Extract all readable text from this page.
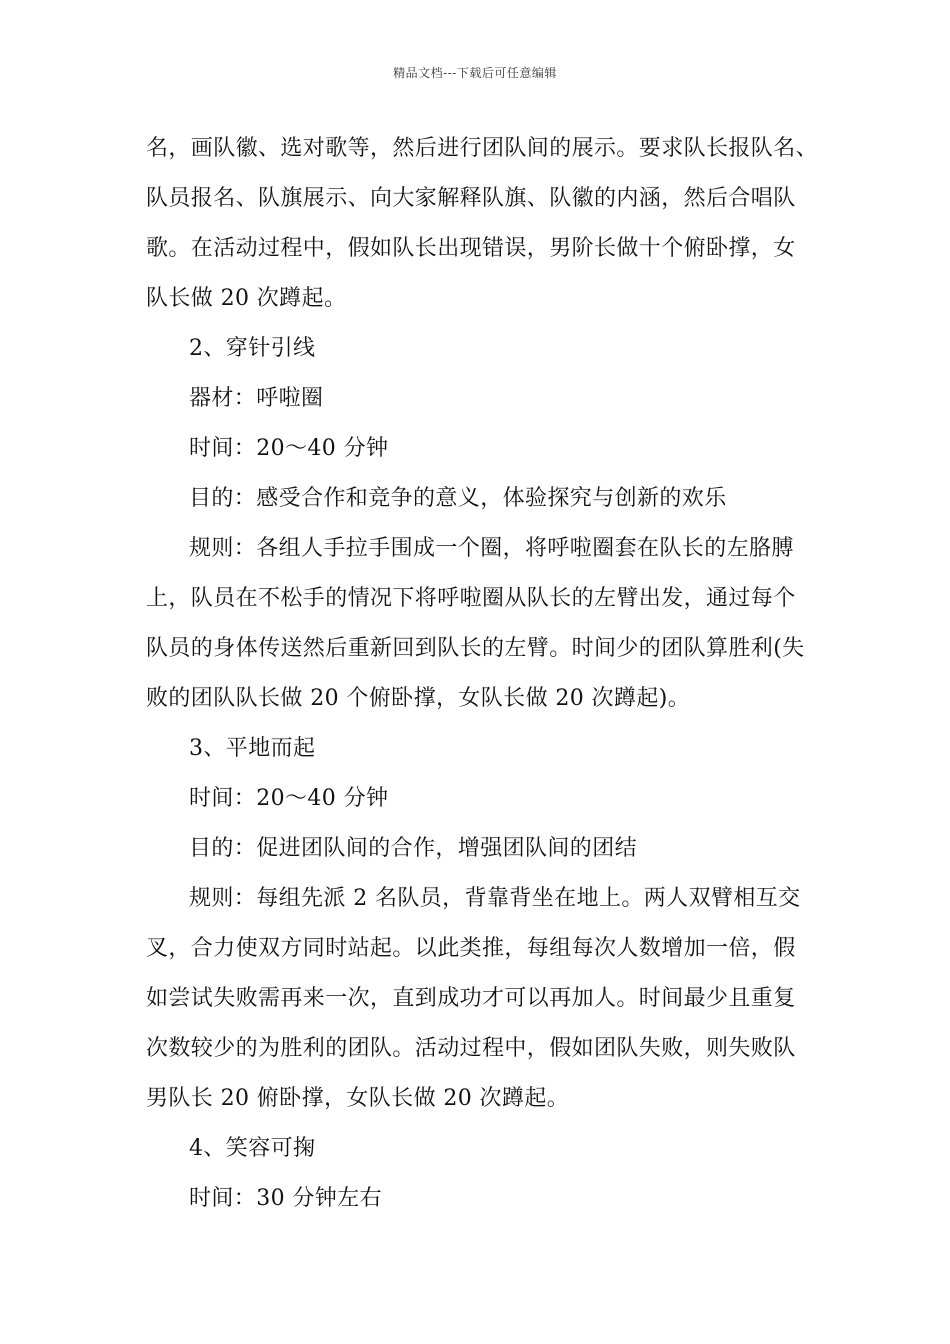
精品文档---下载后可任意编辑
名，画队徽、选对歌等，然后进行团队间的展示。要求队长报队名、
队员报名、队旗展示、向大家解释队旗、队徽的内涵，然后合唱队
歌。在活动过程中，假如队长出现错误，男阶长做十个俯卧撑，女
队长做 20 次蹲起。
2、穿针引线
器材：呼啦圈
时间：20～40 分钟
目的：感受合作和竞争的意义，体验探究与创新的欢乐
规则：各组人手拉手围成一个圈，将呼啦圈套在队长的左胳膊
上，队员在不松手的情况下将呼啦圈从队长的左臂出发，通过每个
队员的身体传送然后重新回到队长的左臂。时间少的团队算胜利(失
败的团队队长做 20 个俯卧撑，女队长做 20 次蹲起)。
3、平地而起
时间：20～40 分钟
目的：促进团队间的合作，增强团队间的团结
规则：每组先派 2 名队员，背靠背坐在地上。两人双臂相互交
叉，合力使双方同时站起。以此类推，每组每次人数增加一倍，假
如尝试失败需再来一次，直到成功才可以再加人。时间最少且重复
次数较少的为胜利的团队。活动过程中，假如团队失败，则失败队
男队长 20 俯卧撑，女队长做 20 次蹲起。
4、笑容可掬
时间：30 分钟左右
